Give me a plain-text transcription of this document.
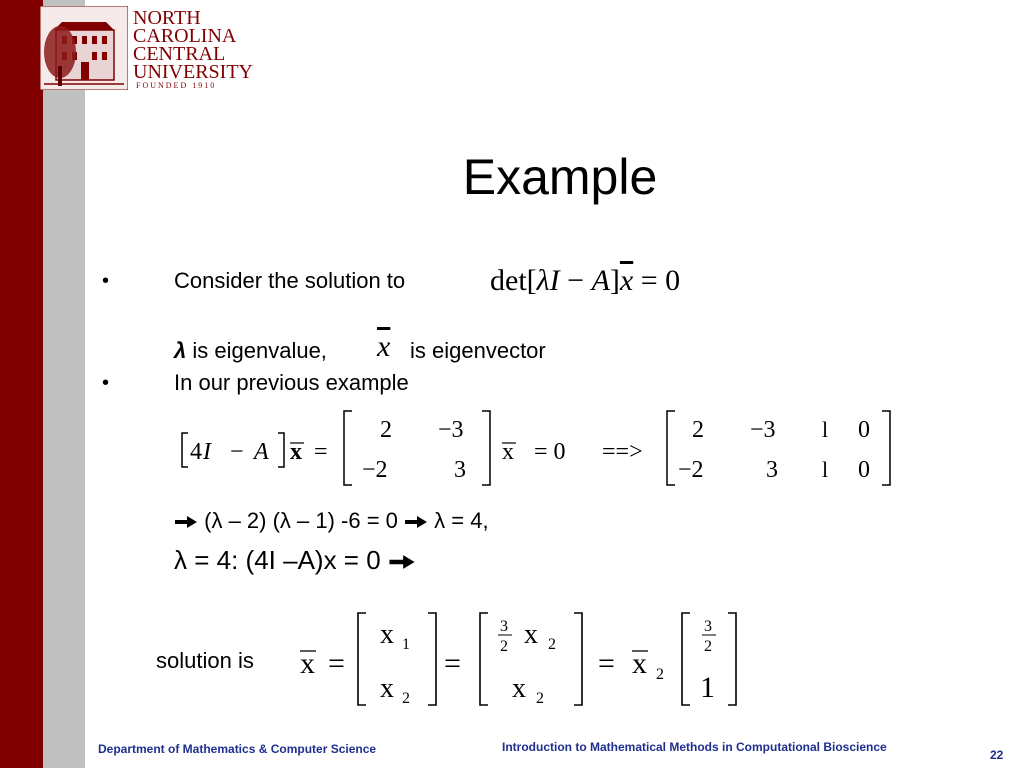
NORTH
CAROLINA
CENTRAL
UNIVERSITY
FOUNDED 1910
Example
•	Consider the solution to	$\det[\lambda I - A]\overline{x} = 0$
λ is eigenvalue, $\overline{x}$ is eigenvector
•	In our previous example
4 I − A x =
2 −3
−2	3
x = 0 ==>
2 −3 l 0
−2	3 l 0
(λ – 2) (λ – 1) -6 = 0 λ = 4,
λ = 4: (4I –A)x = 0
solution is x =
x 1
x 2
=
3
2 x 2
x 2
= x 2
3
2
1
Department of Mathematics & Computer Science	Introduction to Mathematical Methods in Computational Bioscience
22
